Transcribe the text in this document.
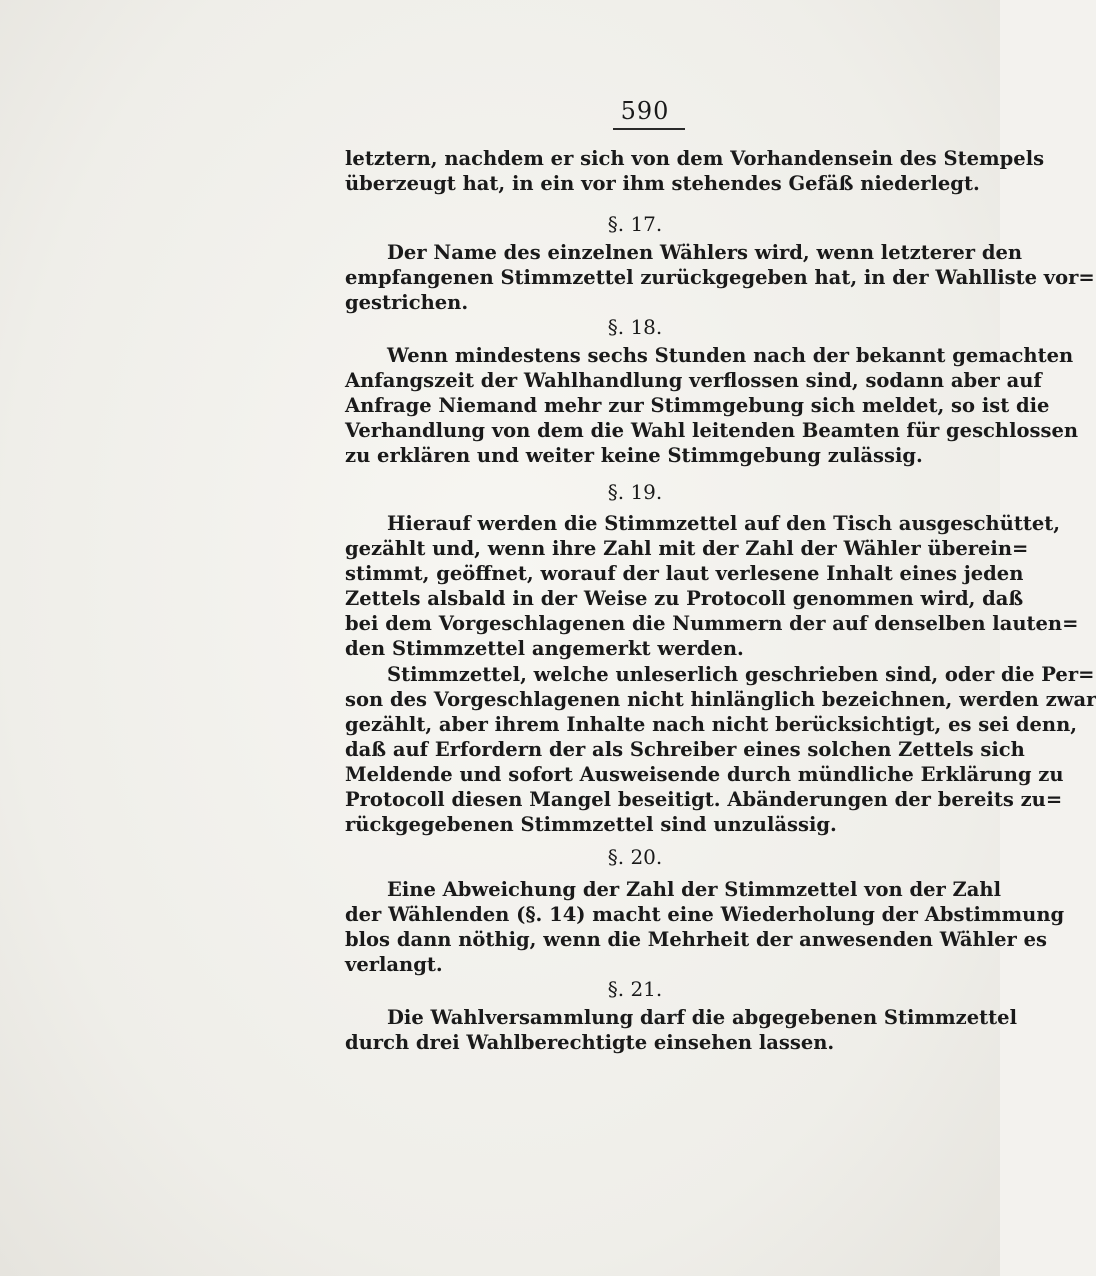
590
letztern, nachdem er sich von dem Vorhandensein des Stempels
überzeugt hat, in ein vor ihm stehendes Gefäß niederlegt.
§. 17.
Der Name des einzelnen Wählers wird, wenn letzterer den
empfangenen Stimmzettel zurückgegeben hat, in der Wahlliste vor=
gestrichen.
§. 18.
Wenn mindestens sechs Stunden nach der bekannt gemachten
Anfangszeit der Wahlhandlung verflossen sind, sodann aber auf
Anfrage Niemand mehr zur Stimmgebung sich meldet, so ist die
Verhandlung von dem die Wahl leitenden Beamten für geschlossen
zu erklären und weiter keine Stimmgebung zulässig.
§. 19.
Hierauf werden die Stimmzettel auf den Tisch ausgeschüttet,
gezählt und, wenn ihre Zahl mit der Zahl der Wähler überein=
stimmt, geöffnet, worauf der laut verlesene Inhalt eines jeden
Zettels alsbald in der Weise zu Protocoll genommen wird, daß
bei dem Vorgeschlagenen die Nummern der auf denselben lauten=
den Stimmzettel angemerkt werden.
Stimmzettel, welche unleserlich geschrieben sind, oder die Per=
son des Vorgeschlagenen nicht hinlänglich bezeichnen, werden zwar
gezählt, aber ihrem Inhalte nach nicht berücksichtigt, es sei denn,
daß auf Erfordern der als Schreiber eines solchen Zettels sich
Meldende und sofort Ausweisende durch mündliche Erklärung zu
Protocoll diesen Mangel beseitigt. Abänderungen der bereits zu=
rückgegebenen Stimmzettel sind unzulässig.
§. 20.
Eine Abweichung der Zahl der Stimmzettel von der Zahl
der Wählenden (§. 14) macht eine Wiederholung der Abstimmung
blos dann nöthig, wenn die Mehrheit der anwesenden Wähler es
verlangt.
§. 21.
Die Wahlversammlung darf die abgegebenen Stimmzettel
durch drei Wahlberechtigte einsehen lassen.
